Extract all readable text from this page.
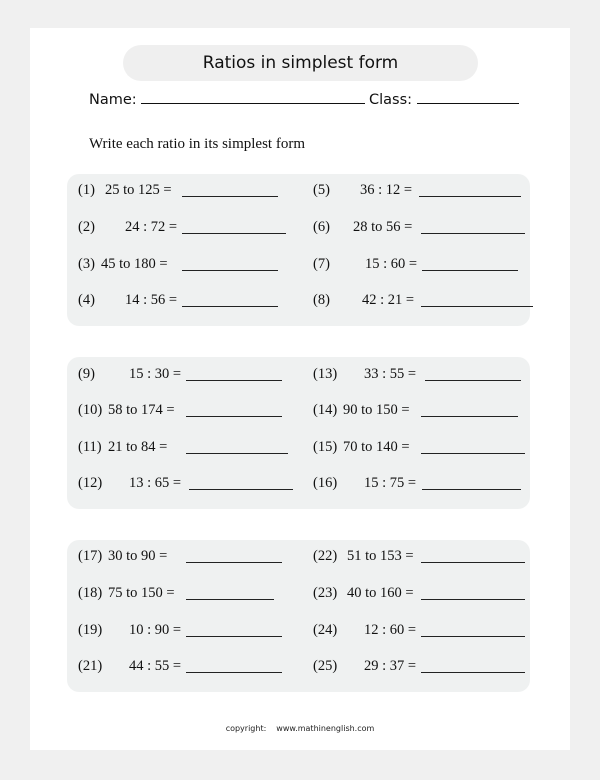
Ratios in simplest form
Name:	Class:
Write each ratio in its simplest form
(1) 25 to 125 =
(2) 24 : 72 =
(3) 45 to 180 =
(4) 14 : 56 =
(5) 36 : 12 =
(6) 28 to 56 =
(7) 15 : 60 =
(8) 42 : 21 =
(9) 15 : 30 =
(10) 58 to 174 =
(11) 21 to 84 =
(12) 13 : 65 =
(13) 33 : 55 =
(14) 90 to 150 =
(15) 70 to 140 =
(16) 15 : 75 =
(17) 30 to 90 =
(18) 75 to 150 =
(19) 10 : 90 =
(21) 44 : 55 =
(22) 51 to 153 =
(23) 40 to 160 =
(24) 12 : 60 =
(25) 29 : 37 =
copyright: www.mathinenglish.com
